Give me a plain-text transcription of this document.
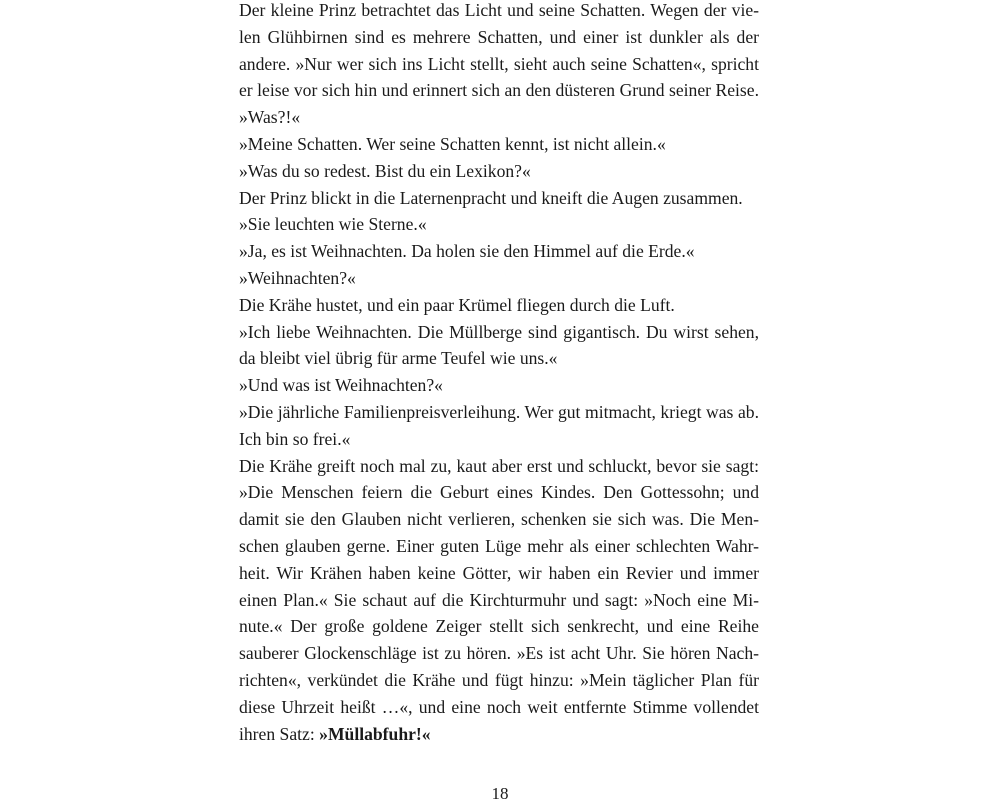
Der kleine Prinz betrachtet das Licht und seine Schatten. Wegen der vie-
len Glühbirnen sind es mehrere Schatten, und einer ist dunkler als der
andere. »Nur wer sich ins Licht stellt, sieht auch seine Schatten«, spricht
er leise vor sich hin und erinnert sich an den düsteren Grund seiner Reise.
»Was?!«
»Meine Schatten. Wer seine Schatten kennt, ist nicht allein.«
»Was du so redest. Bist du ein Lexikon?«
Der Prinz blickt in die Laternenpracht und kneift die Augen zusammen.
»Sie leuchten wie Sterne.«
»Ja, es ist Weihnachten. Da holen sie den Himmel auf die Erde.«
»Weihnachten?«
Die Krähe hustet, und ein paar Krümel fliegen durch die Luft.
»Ich liebe Weihnachten. Die Müllberge sind gigantisch. Du wirst sehen,
da bleibt viel übrig für arme Teufel wie uns.«
»Und was ist Weihnachten?«
»Die jährliche Familienpreisverleihung. Wer gut mitmacht, kriegt was ab.
Ich bin so frei.«
Die Krähe greift noch mal zu, kaut aber erst und schluckt, bevor sie sagt:
»Die Menschen feiern die Geburt eines Kindes. Den Gottessohn; und
damit sie den Glauben nicht verlieren, schenken sie sich was. Die Men-
schen glauben gerne. Einer guten Lüge mehr als einer schlechten Wahr-
heit. Wir Krähen haben keine Götter, wir haben ein Revier und immer
einen Plan.« Sie schaut auf die Kirchturmuhr und sagt: »Noch eine Mi-
nute.« Der große goldene Zeiger stellt sich senkrecht, und eine Reihe
sauberer Glockenschläge ist zu hören. »Es ist acht Uhr. Sie hören Nach-
richten«, verkündet die Krähe und fügt hinzu: »Mein täglicher Plan für
diese Uhrzeit heißt …«, und eine noch weit entfernte Stimme vollendet
ihren Satz: »Müllabfuhr!«
18
